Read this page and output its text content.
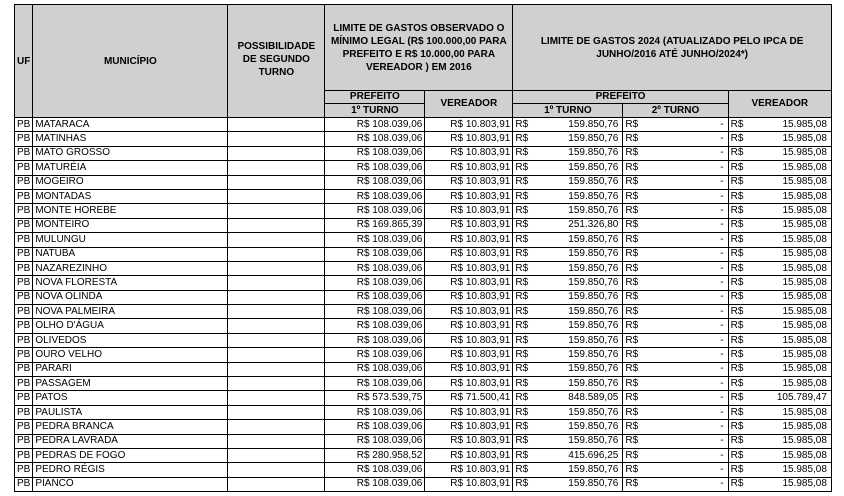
UF	MUNICÍPIO	POSSIBILIDADE DE SEGUNDO TURNO	LIMITE DE GASTOS OBSERVADO O MÍNIMO LEGAL (R$ 100.000,00 PARA PREFEITO E R$ 10.000,00 PARA VEREADOR ) EM 2016		LIMITE DE GASTOS 2024 (ATUALIZADO PELO IPCA DE JUNHO/2016 ATÉ JUNHO/2024*)					
			PREFEITO	VEREADOR	PREFEITO				VEREADOR	
			1º TURNO		1º TURNO		2º TURNO			
PB	MATARACA		R$ 108.039,06	R$ 10.803,91	R$	159.850,76	R$	-	R$	15.985,08
PB	MATINHAS		R$ 108.039,06	R$ 10.803,91	R$	159.850,76	R$	-	R$	15.985,08
PB	MATO GROSSO		R$ 108.039,06	R$ 10.803,91	R$	159.850,76	R$	-	R$	15.985,08
PB	MATURÉIA		R$ 108.039,06	R$ 10.803,91	R$	159.850,76	R$	-	R$	15.985,08
PB	MOGEIRO		R$ 108.039,06	R$ 10.803,91	R$	159.850,76	R$	-	R$	15.985,08
PB	MONTADAS		R$ 108.039,06	R$ 10.803,91	R$	159.850,76	R$	-	R$	15.985,08
PB	MONTE HOREBE		R$ 108.039,06	R$ 10.803,91	R$	159.850,76	R$	-	R$	15.985,08
PB	MONTEIRO		R$ 169.865,39	R$ 10.803,91	R$	251.326,80	R$	-	R$	15.985,08
PB	MULUNGU		R$ 108.039,06	R$ 10.803,91	R$	159.850,76	R$	-	R$	15.985,08
PB	NATUBA		R$ 108.039,06	R$ 10.803,91	R$	159.850,76	R$	-	R$	15.985,08
PB	NAZAREZINHO		R$ 108.039,06	R$ 10.803,91	R$	159.850,76	R$	-	R$	15.985,08
PB	NOVA FLORESTA		R$ 108.039,06	R$ 10.803,91	R$	159.850,76	R$	-	R$	15.985,08
PB	NOVA OLINDA		R$ 108.039,06	R$ 10.803,91	R$	159.850,76	R$	-	R$	15.985,08
PB	NOVA PALMEIRA		R$ 108.039,06	R$ 10.803,91	R$	159.850,76	R$	-	R$	15.985,08
PB	OLHO D'ÁGUA		R$ 108.039,06	R$ 10.803,91	R$	159.850,76	R$	-	R$	15.985,08
PB	OLIVEDOS		R$ 108.039,06	R$ 10.803,91	R$	159.850,76	R$	-	R$	15.985,08
PB	OURO VELHO		R$ 108.039,06	R$ 10.803,91	R$	159.850,76	R$	-	R$	15.985,08
PB	PARARI		R$ 108.039,06	R$ 10.803,91	R$	159.850,76	R$	-	R$	15.985,08
PB	PASSAGEM		R$ 108.039,06	R$ 10.803,91	R$	159.850,76	R$	-	R$	15.985,08
PB	PATOS		R$ 573.539,75	R$ 71.500,41	R$	848.589,05	R$	-	R$	105.789,47
PB	PAULISTA		R$ 108.039,06	R$ 10.803,91	R$	159.850,76	R$	-	R$	15.985,08
PB	PEDRA BRANCA		R$ 108.039,06	R$ 10.803,91	R$	159.850,76	R$	-	R$	15.985,08
PB	PEDRA LAVRADA		R$ 108.039,06	R$ 10.803,91	R$	159.850,76	R$	-	R$	15.985,08
PB	PEDRAS DE FOGO		R$ 280.958,52	R$ 10.803,91	R$	415.696,25	R$	-	R$	15.985,08
PB	PEDRO RÉGIS		R$ 108.039,06	R$ 10.803,91	R$	159.850,76	R$	-	R$	15.985,08
PB	PIANCÓ		R$ 108.039,06	R$ 10.803,91	R$	159.850,76	R$	-	R$	15.985,08
